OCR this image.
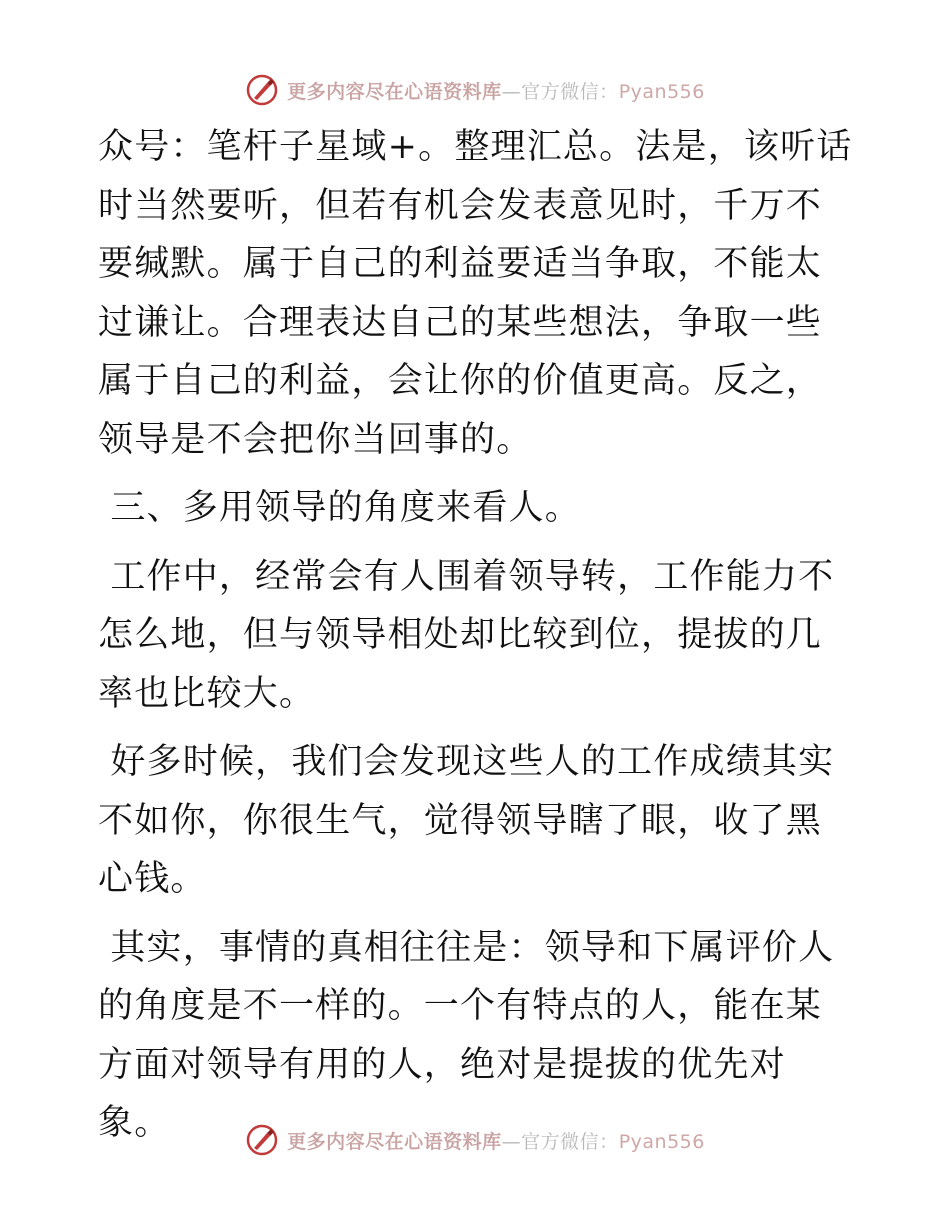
更多内容尽在心语资料库—官方微信：Pyan556

众号：笔杆子星域+。整理汇总。法是，该听话时当然要听，但若有机会发表意见时，千万不要缄默。属于自己的利益要适当争取，不能太过谦让。合理表达自己的某些想法，争取一些属于自己的利益，会让你的价值更高。反之，领导是不会把你当回事的。

三、多用领导的角度来看人。

工作中，经常会有人围着领导转，工作能力不怎么地，但与领导相处却比较到位，提拔的几率也比较大。

好多时候，我们会发现这些人的工作成绩其实不如你，你很生气，觉得领导瞎了眼，收了黑心钱。

其实，事情的真相往往是：领导和下属评价人的角度是不一样的。一个有特点的人，能在某方面对领导有用的人，绝对是提拔的优先对象。	更多内容尽在心语资料库—官方微信：Pyan556
